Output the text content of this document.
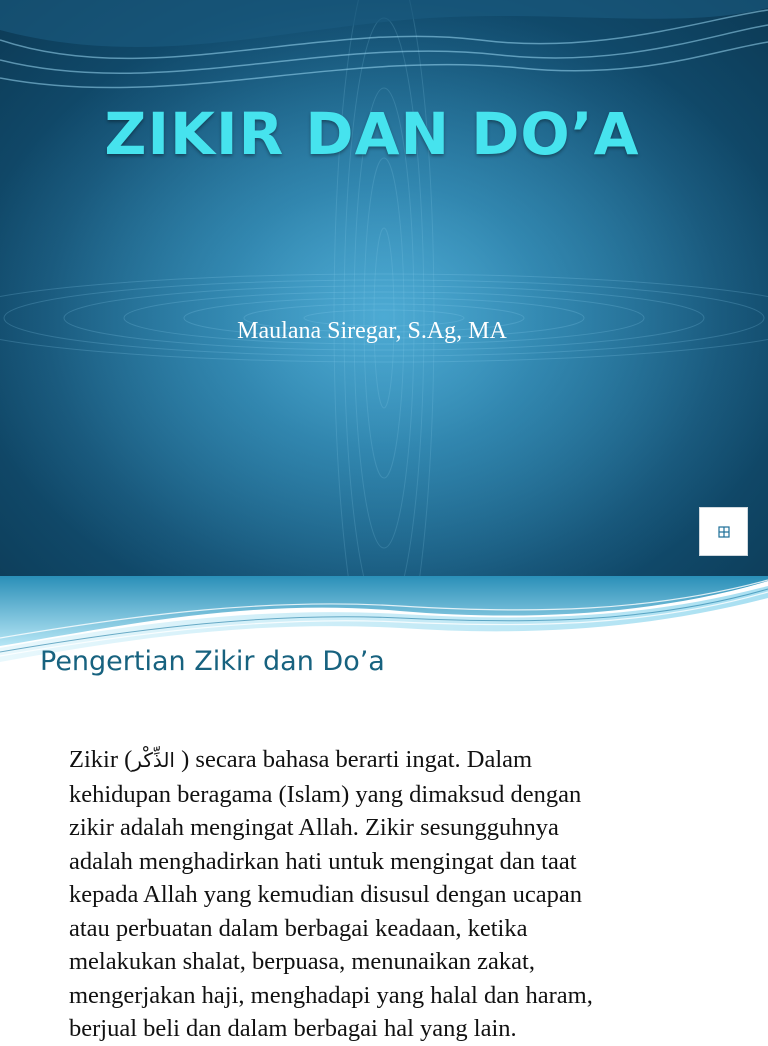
ZIKIR DAN DO’A
Maulana Siregar, S.Ag, MA
Pengertian Zikir dan Do’a
Zikir (الذِّكْر ) secara bahasa berarti ingat. Dalam
kehidupan beragama (Islam) yang dimaksud dengan
zikir adalah mengingat Allah. Zikir sesungguhnya
adalah menghadirkan hati untuk mengingat dan taat
kepada Allah yang kemudian disusul dengan ucapan
atau perbuatan dalam berbagai keadaan, ketika
melakukan shalat, berpuasa, menunaikan zakat,
mengerjakan haji, menghadapi yang halal dan haram,
berjual beli dan dalam berbagai hal yang lain.
